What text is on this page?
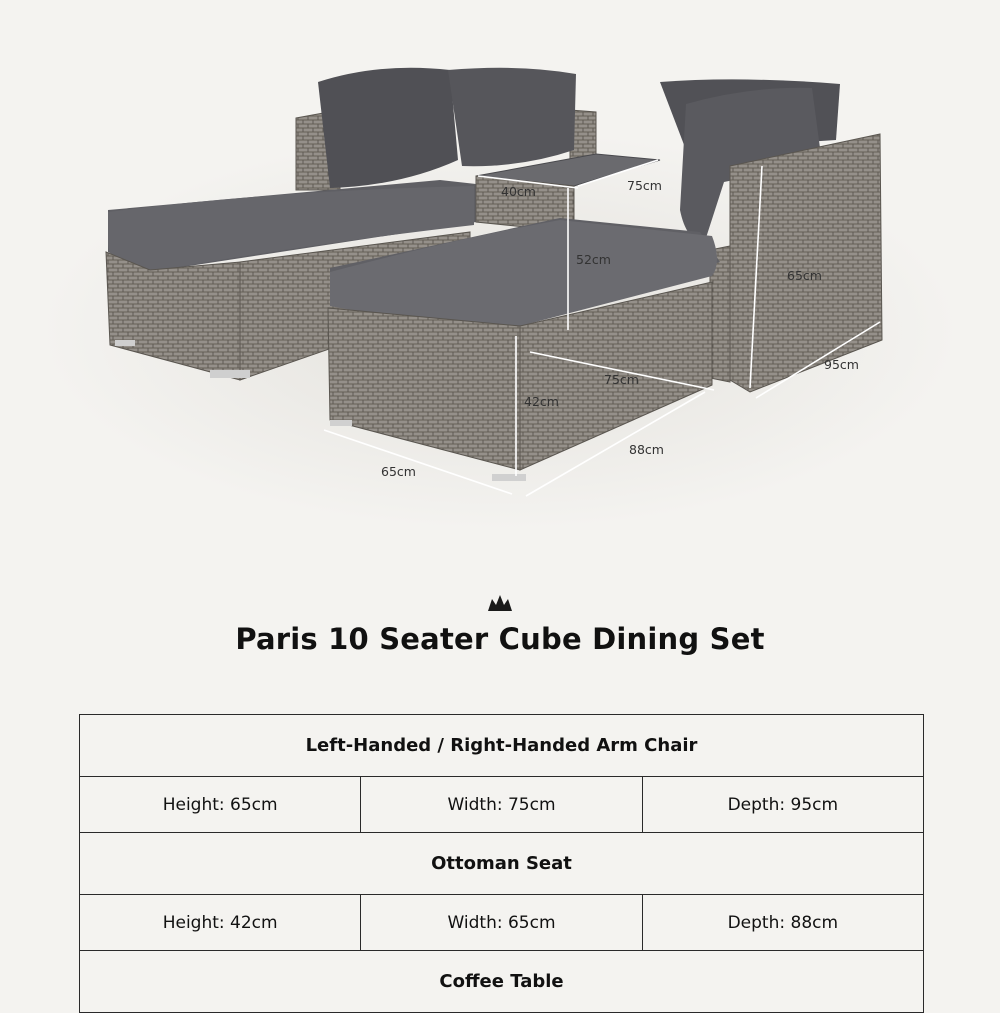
40cm	75cm
52cm
65cm
95cm
75cm
42cm
88cm
65cm
Paris 10 Seater Cube Dining Set
Left-Handed / Right-Handed Arm Chair		
Height: 65cm	Width: 75cm	Depth: 95cm
Ottoman Seat		
Height: 42cm	Width: 65cm	Depth: 88cm
Coffee Table		
